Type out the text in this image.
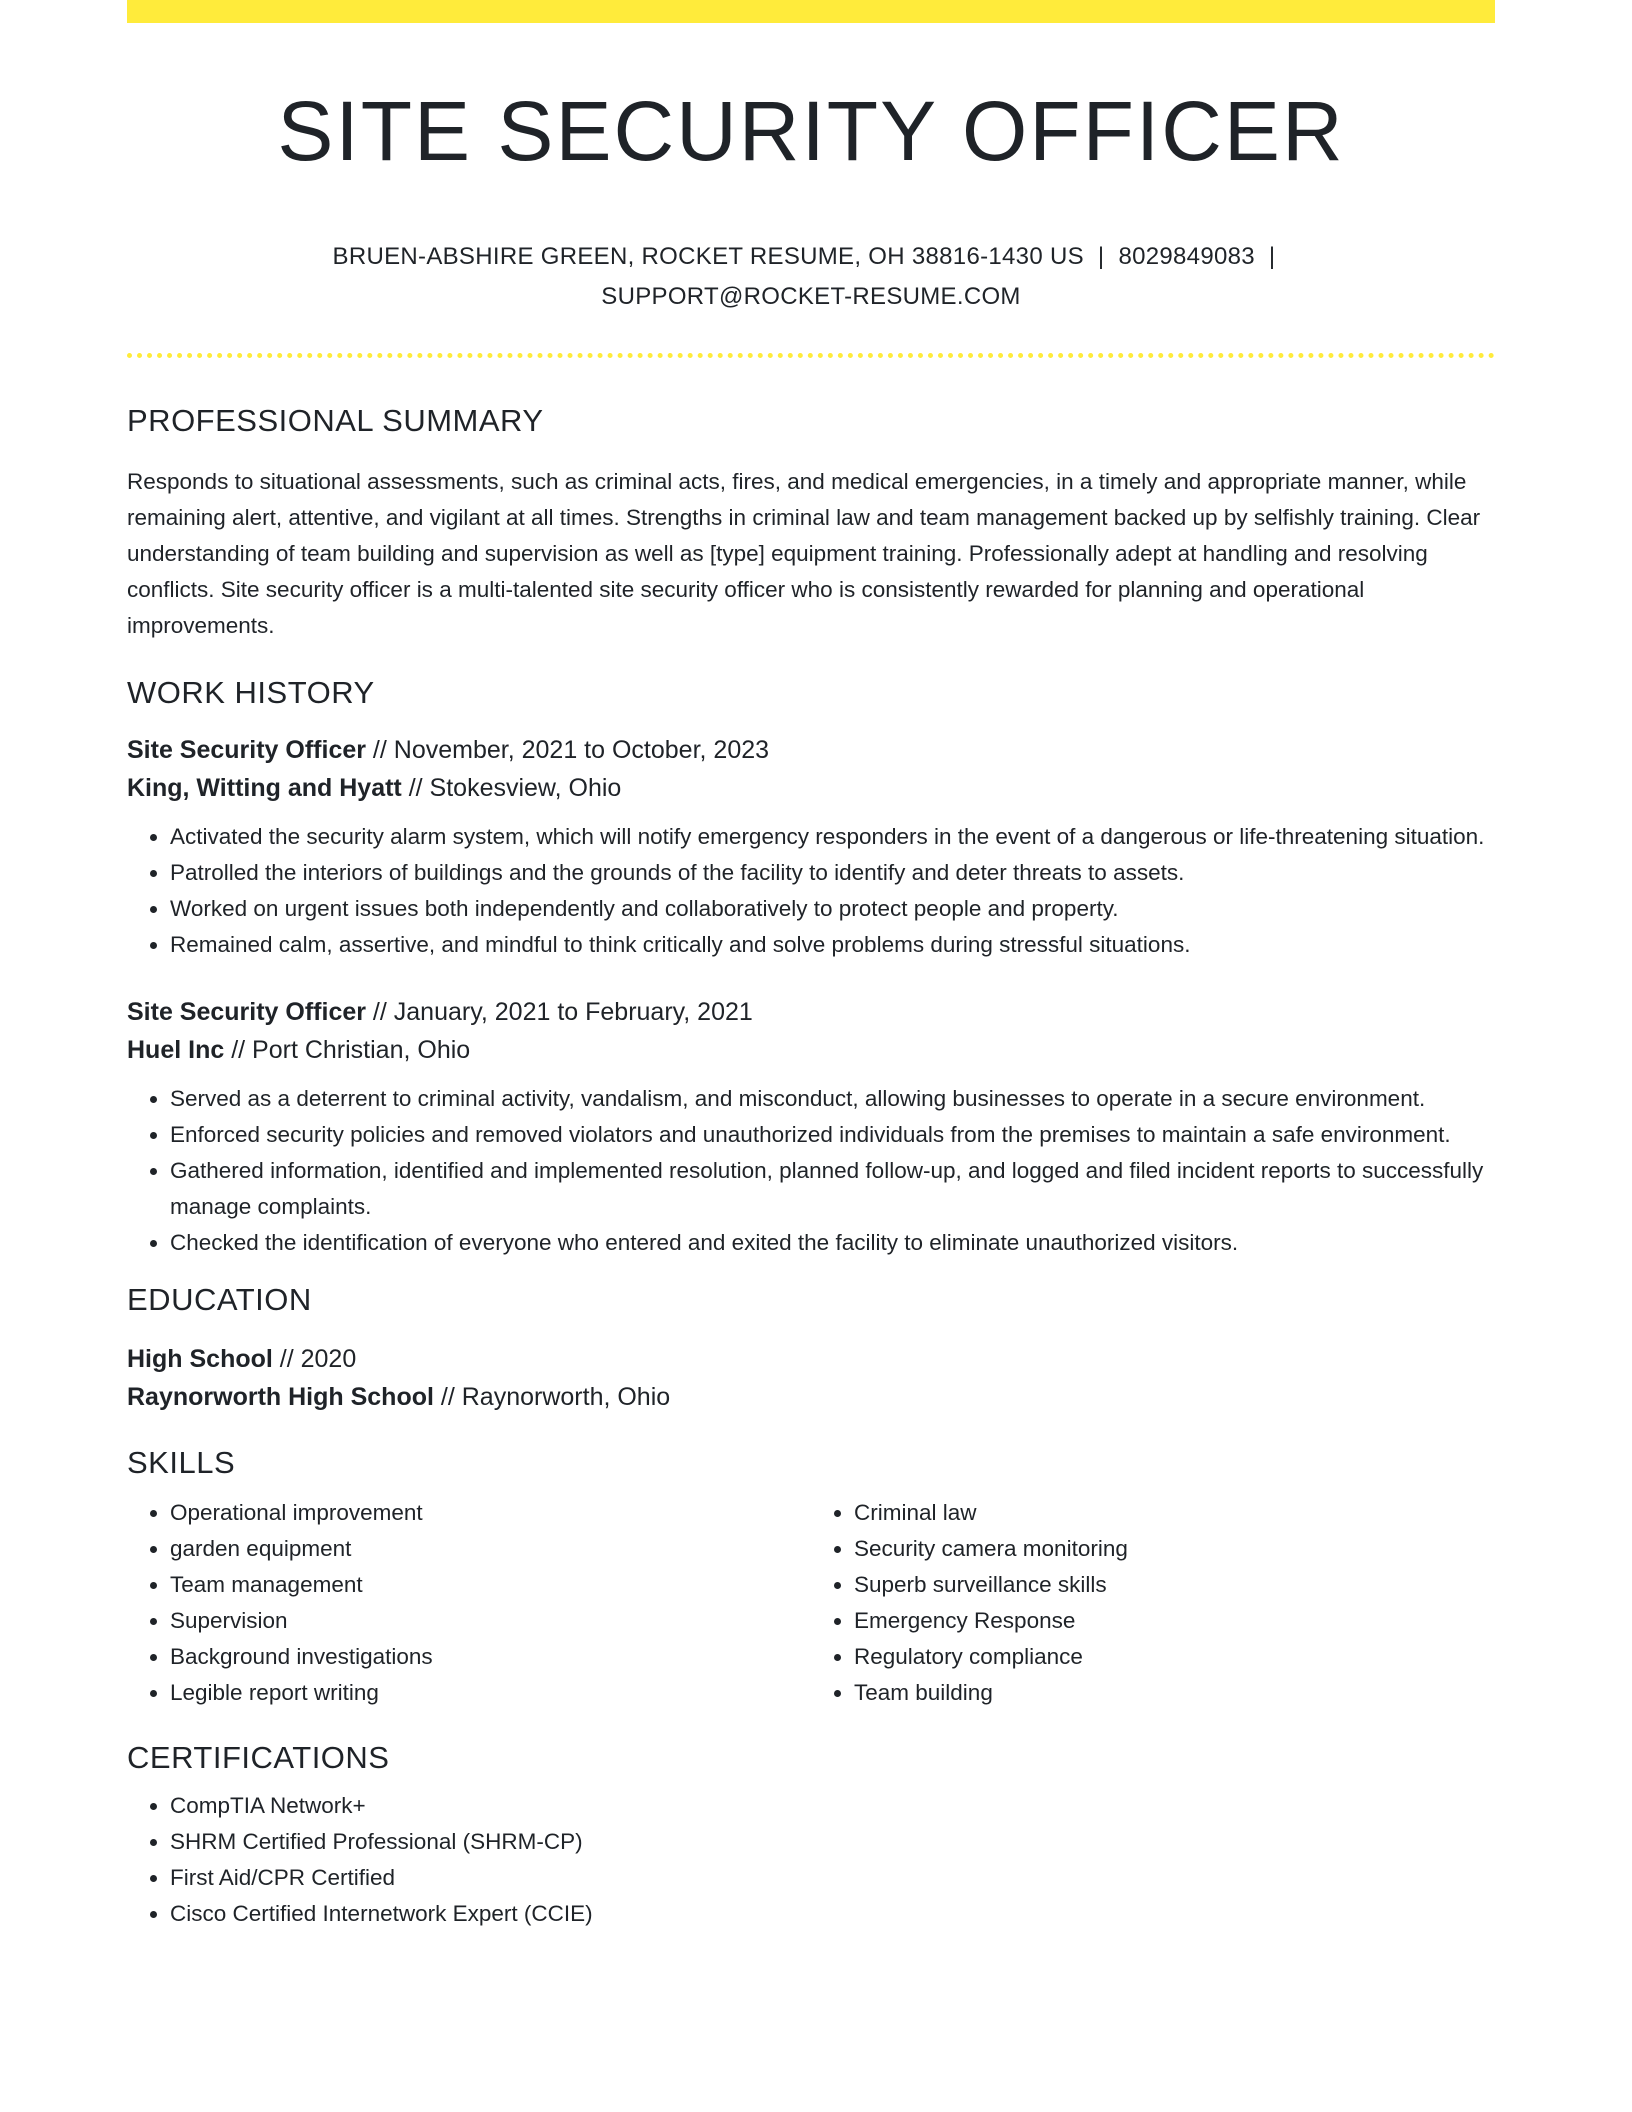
SITE SECURITY OFFICER
BRUEN-ABSHIRE GREEN, ROCKET RESUME, OH 38816-1430 US | 8029849083 |
SUPPORT@ROCKET-RESUME.COM
PROFESSIONAL SUMMARY

Responds to situational assessments, such as criminal acts, fires, and medical emergencies, in a timely and appropriate manner, while remaining alert, attentive, and vigilant at all times. Strengths in criminal law and team management backed up by selfishly training. Clear understanding of team building and supervision as well as [type] equipment training. Professionally adept at handling and resolving conflicts. Site security officer is a multi-talented site security officer who is consistently rewarded for planning and operational improvements.

WORK HISTORY
Site Security Officer // November, 2021 to October, 2023
King, Witting and Hyatt // Stokesview, Ohio
• Activated the security alarm system, which will notify emergency responders in the event of a dangerous or life-threatening situation.
• Patrolled the interiors of buildings and the grounds of the facility to identify and deter threats to assets.
• Worked on urgent issues both independently and collaboratively to protect people and property.
• Remained calm, assertive, and mindful to think critically and solve problems during stressful situations.
Site Security Officer // January, 2021 to February, 2021
Huel Inc // Port Christian, Ohio
• Served as a deterrent to criminal activity, vandalism, and misconduct, allowing businesses to operate in a secure environment.
• Enforced security policies and removed violators and unauthorized individuals from the premises to maintain a safe environment.
• Gathered information, identified and implemented resolution, planned follow-up, and logged and filed incident reports to successfully manage complaints.
• Checked the identification of everyone who entered and exited the facility to eliminate unauthorized visitors.
EDUCATION
High School // 2020
Raynorworth High School // Raynorworth, Ohio
SKILLS
• Operational improvement
• garden equipment
• Team management
• Supervision
• Background investigations
• Legible report writing
• Criminal law
• Security camera monitoring
• Superb surveillance skills
• Emergency Response
• Regulatory compliance
• Team building
CERTIFICATIONS
• CompTIA Network+
• SHRM Certified Professional (SHRM-CP)
• First Aid/CPR Certified
• Cisco Certified Internetwork Expert (CCIE)
